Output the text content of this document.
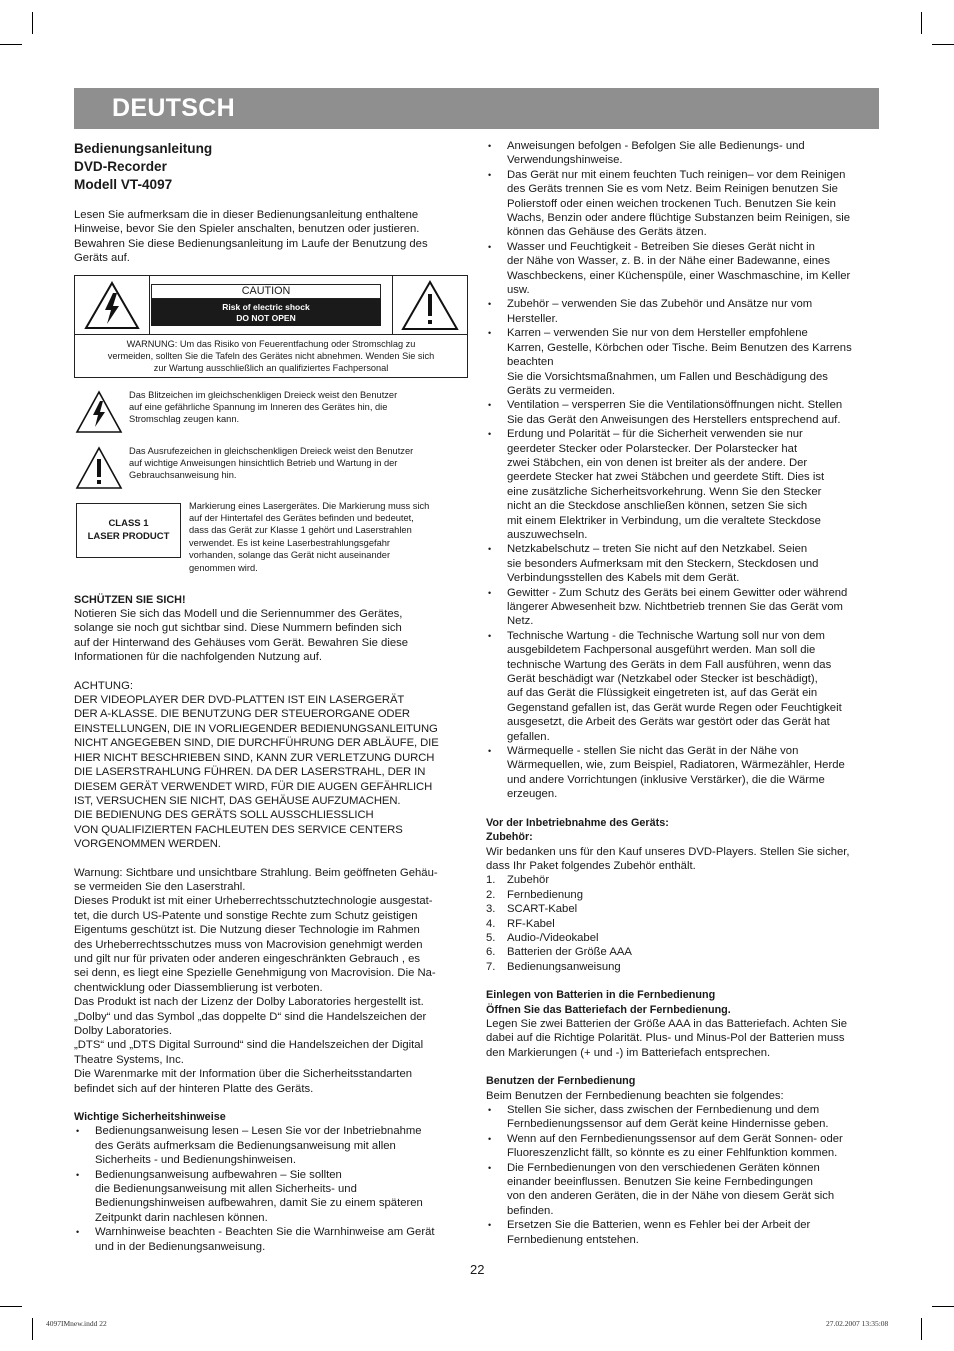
DEUTSCH
Bedienungsanleitung
DVD-Recorder
Modell VT-4097

Lesen Sie aufmerksam die in dieser Bedienungsanleitung enthaltene
Hinweise, bevor Sie den Spieler anschalten, benutzen oder justieren.
Bewahren Sie diese Bedienungsanleitung im Laufe der Benutzung des
Geräts auf.

CAUTION
Risk of electric shock
DO NOT OPEN
WARNUNG: Um das Risiko von Feuerentfachung oder Stromschlag zu
vermeiden, sollten Sie die Tafeln des Gerätes nicht abnehmen. Wenden Sie sich
zur Wartung ausschließlich an qualifiziertes Fachpersonal
Das Blitzeichen im gleichschenkligen Dreieck weist den Benutzer
auf eine gefährliche Spannung im Inneren des Gerätes hin, die
Stromschlag zeugen kann.
Das Ausrufezeichen in gleichschenkligen Dreieck weist den Benutzer
auf wichtige Anweisungen hinsichtlich Betrieb und Wartung in der
Gebrauchsanweisung hin.
CLASS 1
LASER PRODUCT
Markierung eines Lasergerätes. Die Markierung muss sich
auf der Hintertafel des Gerätes befinden und bedeutet,
dass das Gerät zur Klasse 1 gehört und Laserstrahlen
verwendet. Es ist keine Laserbestrahlungsgefahr
vorhanden, solange das Gerät nicht auseinander
genommen wird.

SCHÜTZEN SIE SICH!

Notieren Sie sich das Modell und die Seriennummer des Gerätes,
solange sie noch gut sichtbar sind. Diese Nummern befinden sich
auf der Hinterwand des Gehäuses vom Gerät. Bewahren Sie diese
Informationen für die nachfolgenden Nutzung auf.

ACHTUNG:

DER VIDEOPLAYER DER DVD-PLATTEN IST EIN LASERGERÄT
DER A-KLASSE. DIE BENUTZUNG DER STEUERORGANE ODER
EINSTELLUNGEN, DIE IN VORLIEGENDER BEDIENUNGSANLEITUNG
NICHT ANGEGEBEN SIND, DIE DURCHFÜHRUNG DER ABLÄUFE, DIE
HIER NICHT BESCHRIEBEN SIND, KANN ZUR VERLETZUNG DURCH
DIE LASERSTRAHLUNG FÜHREN. DA DER LASERSTRAHL, DER IN
DIESEM GERÄT VERWENDET WIRD, FÜR DIE AUGEN GEFÄHRLICH
IST, VERSUCHEN SIE NICHT, DAS GEHÄUSE AUFZUMACHEN.
DIE BEDIENUNG DES GERÄTS SOLL AUSSCHLIESSLICH
VON QUALIFIZIERTEN FACHLEUTEN DES SERVICE CENTERS
VORGENOMMEN WERDEN.

Warnung: Sichtbare und unsichtbare Strahlung. Beim geöffneten Gehäu-
se vermeiden Sie den Laserstrahl.
Dieses Produkt ist mit einer Urheberrechtsschutztechnologie ausgestat-
tet, die durch US-Patente und sonstige Rechte zum Schutz geistigen
Eigentums geschützt ist. Die Nutzung dieser Technologie im Rahmen
des Urheberrechtsschutzes muss von Macrovision genehmigt werden
und gilt nur für privaten oder anderen eingeschränkten Gebrauch , es
sei denn, es liegt eine Spezielle Genehmigung von Macrovision. Die Na-
chentwicklung oder Diassemblierung ist verboten.
Das Produkt ist nach der Lizenz der Dolby Laboratories hergestellt ist.
„Dolby“ und das Symbol „das doppelte D“ sind die Handelszeichen der
Dolby Laboratories.
„DTS“ und „DTS Digital Surround“ sind die Handelszeichen der Digital
Theatre Systems, Inc.
Die Warenmarke mit der Information über die Sicherheitsstandarten
befindet sich auf der hinteren Platte des Geräts.

Wichtige Sicherheitshinweise

• Bedienungsanweisung lesen – Lesen Sie vor der Inbetriebnahme
des Geräts aufmerksam die Bedienungsanweisung mit allen
Sicherheits - und Bedienungshinweisen.
• Bedienungsanweisung aufbewahren – Sie sollten
die Bedienungsanweisung mit allen Sicherheits- und
Bedienungshinweisen aufbewahren, damit Sie zu einem späteren
Zeitpunkt darin nachlesen können.
• Warnhinweise beachten - Beachten Sie die Warnhinweise am Gerät
und in der Bedienungsanweisung.
• Anweisungen befolgen - Befolgen Sie alle Bedienungs- und
Verwendungshinweise.
• Das Gerät nur mit einem feuchten Tuch reinigen– vor dem Reinigen
des Geräts trennen Sie es vom Netz. Beim Reinigen benutzen Sie
Polierstoff oder einen weichen trockenen Tuch. Benutzen Sie kein
Wachs, Benzin oder andere flüchtige Substanzen beim Reinigen, sie
können das Gehäuse des Geräts ätzen.
• Wasser und Feuchtigkeit - Betreiben Sie dieses Gerät nicht in
der Nähe von Wasser, z. B. in der Nähe einer Badewanne, eines
Waschbeckens, einer Küchenspüle, einer Waschmaschine, im Keller
usw.
• Zubehör – verwenden Sie das Zubehör und Ansätze nur vom
Hersteller.
• Karren – verwenden Sie nur von dem Hersteller empfohlene
Karren, Gestelle, Körbchen oder Tische. Beim Benutzen des Karrens
beachten
Sie die Vorsichtsmaßnahmen, um Fallen und Beschädigung des
Geräts zu vermeiden.
• Ventilation – versperren Sie die Ventilationsöffnungen nicht. Stellen
Sie das Gerät den Anweisungen des Herstellers entsprechend auf.
• Erdung und Polarität – für die Sicherheit verwenden sie nur
geerdeter Stecker oder Polarstecker. Der Polarstecker hat
zwei Stäbchen, ein von denen ist breiter als der andere. Der
geerdete Stecker hat zwei Stäbchen und geerdete Stift. Dies ist
eine zusätzliche Sicherheitsvorkehrung. Wenn Sie den Stecker
nicht an die Steckdose anschließen können, setzen Sie sich
mit einem Elektriker in Verbindung, um die veraltete Steckdose
auszuwechseln.
• Netzkabelschutz – treten Sie nicht auf den Netzkabel. Seien
sie besonders Aufmerksam mit den Steckern, Steckdosen und
Verbindungsstellen des Kabels mit dem Gerät.
• Gewitter - Zum Schutz des Geräts bei einem Gewitter oder während
längerer Abwesenheit bzw. Nichtbetrieb trennen Sie das Gerät vom
Netz.
• Technische Wartung - die Technische Wartung soll nur von dem
ausgebildetem Fachpersonal ausgeführt werden. Man soll die
technische Wartung des Geräts in dem Fall ausführen, wenn das
Gerät beschädigt war (Netzkabel oder Stecker ist beschädigt),
auf das Gerät die Flüssigkeit eingetreten ist, auf das Gerät ein
Gegenstand gefallen ist, das Gerät wurde Regen oder Feuchtigkeit
ausgesetzt, die Arbeit des Geräts war gestört oder das Gerät hat
gefallen.
• Wärmequelle - stellen Sie nicht das Gerät in der Nähe von
Wärmequellen, wie, zum Beispiel, Radiatoren, Wärmezähler, Herde
und andere Vorrichtungen (inklusive Verstärker), die die Wärme
erzeugen.

Vor der Inbetriebnahme des Geräts:

Zubehör:

Wir bedanken uns für den Kauf unseres DVD-Players. Stellen Sie sicher,
dass Ihr Paket folgendes Zubehör enthält.

1. Zubehör
2. Fernbedienung
3. SCART-Kabel
4. RF-Kabel
5. Audio-/Videokabel
6. Batterien der Größe AAA
7. Bedienungsanweisung

Einlegen von Batterien in die Fernbedienung

Öffnen Sie das Batteriefach der Fernbedienung.

Legen Sie zwei Batterien der Größe AAA in das Batteriefach. Achten Sie
dabei auf die Richtige Polarität. Plus- und Minus-Pol der Batterien muss
den Markierungen (+ und -) im Batteriefach entsprechen.

Benutzen der Fernbedienung

Beim Benutzen der Fernbedienung beachten sie folgendes:

• Stellen Sie sicher, dass zwischen der Fernbedienung und dem
Fernbedienungssensor auf dem Gerät keine Hindernisse geben.
• Wenn auf den Fernbedienungssensor auf dem Gerät Sonnen- oder
Fluoreszenzlicht fällt, so könnte es zu einer Fehlfunktion kommen.
• Die Fernbedienungen von den verschiedenen Geräten können
einander beeinflussen. Benutzen Sie keine Fernbedingungen
von den anderen Geräten, die in der Nähe von diesem Gerät sich
befinden.
• Ersetzen Sie die Batterien, wenn es Fehler bei der Arbeit der
Fernbedienung entstehen.
22
4097IMnew.indd 22	27.02.2007 13:35:08
